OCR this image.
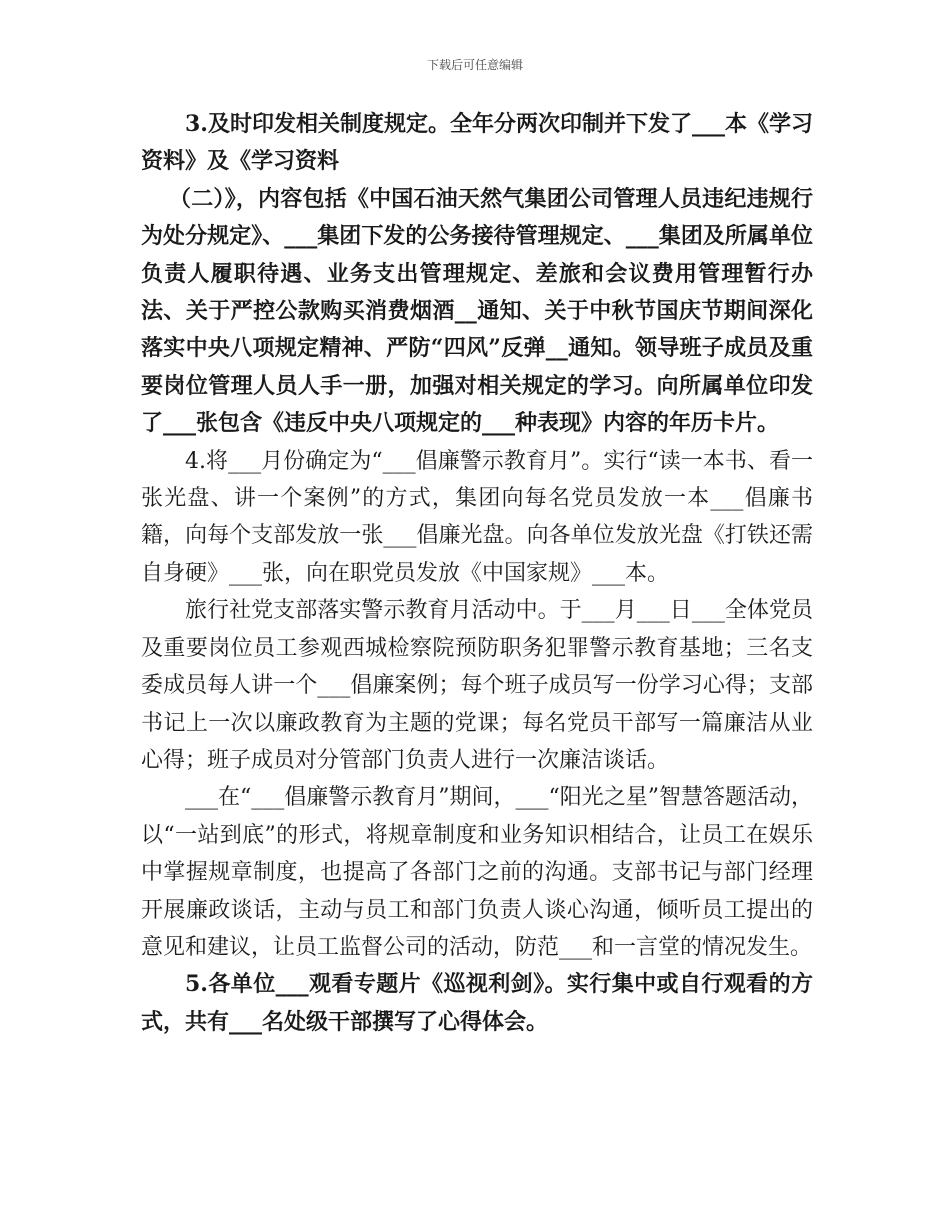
下载后可任意编辑

3.及时印发相关制度规定。全年分两次印制并下发了___本《学习资料》及《学习资料

（二）》，内容包括《中国石油天然气集团公司管理人员违纪违规行为处分规定》、___集团下发的公务接待管理规定、___集团及所属单位负责人履职待遇、业务支出管理规定、差旅和会议费用管理暂行办法、关于严控公款购买消费烟酒__通知、关于中秋节国庆节期间深化落实中央八项规定精神、严防“四风”反弹__通知。领导班子成员及重要岗位管理人员人手一册，加强对相关规定的学习。向所属单位印发了___张包含《违反中央八项规定的___种表现》内容的年历卡片。

4.将___月份确定为“___倡廉警示教育月”。实行“读一本书、看一张光盘、讲一个案例”的方式，集团向每名党员发放一本___倡廉书籍，向每个支部发放一张___倡廉光盘。向各单位发放光盘《打铁还需自身硬》___张，向在职党员发放《中国家规》___本。

旅行社党支部落实警示教育月活动中。于___月___日___全体党员及重要岗位员工参观西城检察院预防职务犯罪警示教育基地；三名支委成员每人讲一个___倡廉案例；每个班子成员写一份学习心得；支部书记上一次以廉政教育为主题的党课；每名党员干部写一篇廉洁从业心得；班子成员对分管部门负责人进行一次廉洁谈话。

___在“___倡廉警示教育月”期间，___“阳光之星”智慧答题活动，以“一站到底”的形式，将规章制度和业务知识相结合，让员工在娱乐中掌握规章制度，也提高了各部门之前的沟通。支部书记与部门经理开展廉政谈话，主动与员工和部门负责人谈心沟通，倾听员工提出的意见和建议，让员工监督公司的活动，防范___和一言堂的情况发生。

5.各单位___观看专题片《巡视利剑》。实行集中或自行观看的方式，共有___名处级干部撰写了心得体会。
